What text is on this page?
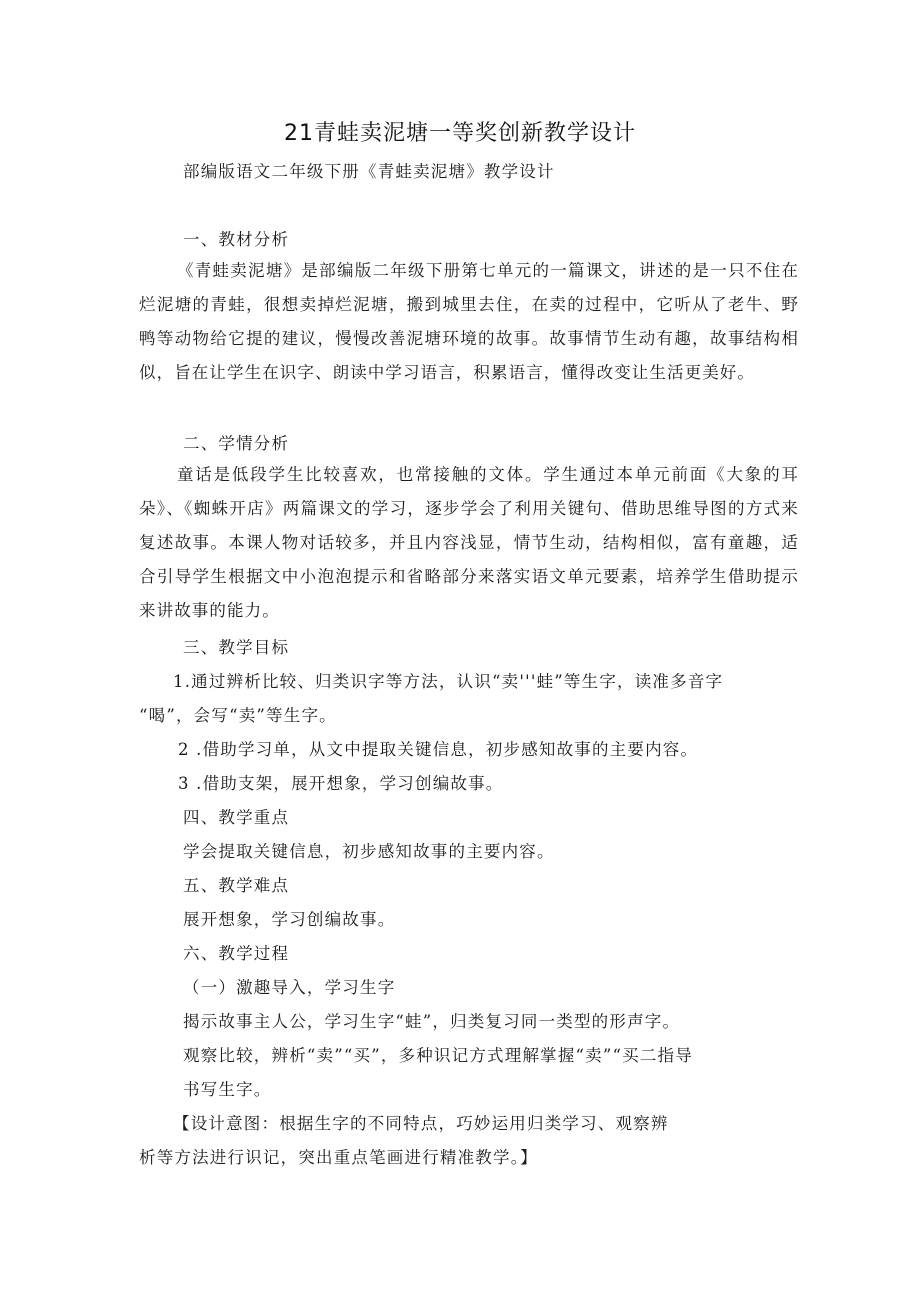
21青蛙卖泥塘一等奖创新教学设计
部编版语文二年级下册《青蛙卖泥塘》教学设计
一、教材分析
《青蛙卖泥塘》是部编版二年级下册第七单元的一篇课文，讲述的是一只不住在烂泥塘的青蛙，很想卖掉烂泥塘，搬到城里去住，在卖的过程中，它听从了老牛、野鸭等动物给它提的建议，慢慢改善泥塘环境的故事。故事情节生动有趣，故事结构相似，旨在让学生在识字、朗读中学习语言，积累语言，懂得改变让生活更美好。
二、学情分析
童话是低段学生比较喜欢，也常接触的文体。学生通过本单元前面《大象的耳朵》、《蜘蛛开店》两篇课文的学习，逐步学会了利用关键句、借助思维导图的方式来复述故事。本课人物对话较多，并且内容浅显，情节生动，结构相似，富有童趣，适合引导学生根据文中小泡泡提示和省略部分来落实语文单元要素，培养学生借助提示来讲故事的能力。
三、教学目标
1.通过辨析比较、归类识字等方法，认识“卖'''蛙”等生字，读准多音字
“喝”，会写“卖”等生字。
2 .借助学习单，从文中提取关键信息，初步感知故事的主要内容。
3 .借助支架，展开想象，学习创编故事。
四、教学重点
学会提取关键信息，初步感知故事的主要内容。
五、教学难点
展开想象，学习创编故事。
六、教学过程
（一）激趣导入，学习生字
揭示故事主人公，学习生字“蛙”，归类复习同一类型的形声字。
观察比较，辨析“卖”“买”，多种识记方式理解掌握“卖”“买二指导
书写生字。
【设计意图：根据生字的不同特点，巧妙运用归类学习、观察辨
析等方法进行识记，突出重点笔画进行精准教学。】
